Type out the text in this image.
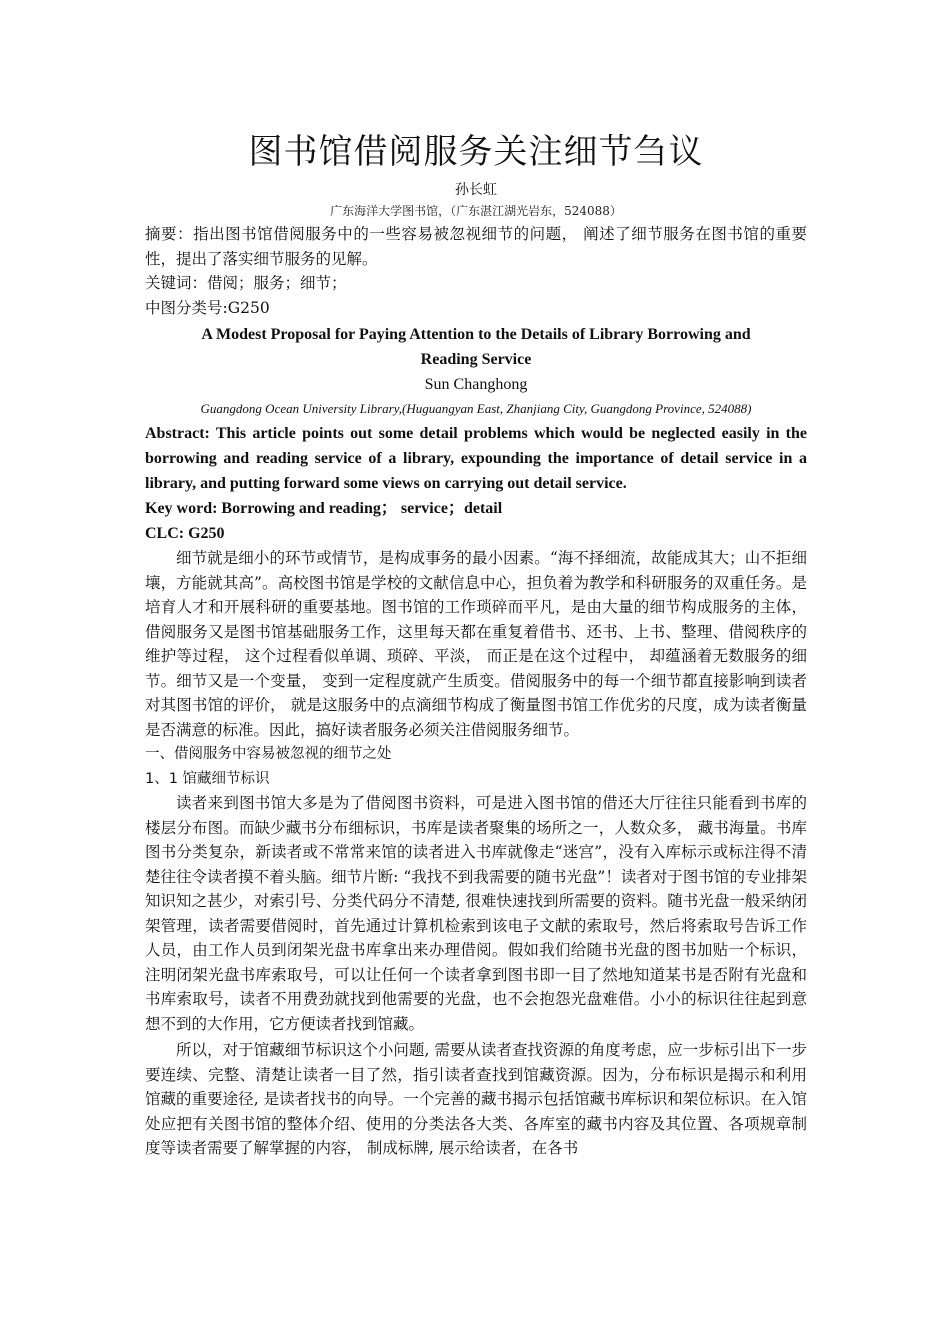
图书馆借阅服务关注细节刍议

孙长虹

广东海洋大学图书馆，（广东湛江湖光岩东，524088）

摘要：指出图书馆借阅服务中的一些容易被忽视细节的问题， 阐述了细节服务在图书馆的重要性，提出了落实细节服务的见解。

关键词：借阅；服务；细节；

中图分类号:G250

A Modest Proposal for Paying Attention to the Details of Library Borrowing and

Reading Service

Sun Changhong

Guangdong Ocean University Library,(Huguangyan East, Zhanjiang City, Guangdong Province, 524088)

Abstract: This article points out some detail problems which would be neglected easily in the borrowing and reading service of a library, expounding the importance of detail service in a library, and putting forward some views on carrying out detail service.

Key word: Borrowing and reading； service；detail

CLC: G250

细节就是细小的环节或情节，是构成事务的最小因素。“海不择细流，故能成其大；山不拒细壤，方能就其高”。高校图书馆是学校的文献信息中心，担负着为教学和科研服务的双重任务。是培育人才和开展科研的重要基地。图书馆的工作琐碎而平凡，是由大量的细节构成服务的主体，借阅服务又是图书馆基础服务工作，这里每天都在重复着借书、还书、上书、整理、借阅秩序的维护等过程， 这个过程看似单调、琐碎、平淡， 而正是在这个过程中， 却蕴涵着无数服务的细节。细节又是一个变量， 变到一定程度就产生质变。借阅服务中的每一个细节都直接影响到读者对其图书馆的评价， 就是这服务中的点滴细节构成了衡量图书馆工作优劣的尺度，成为读者衡量是否满意的标准。因此，搞好读者服务必须关注借阅服务细节。

一、借阅服务中容易被忽视的细节之处

1、1 馆藏细节标识

读者来到图书馆大多是为了借阅图书资料，可是进入图书馆的借还大厅往往只能看到书库的楼层分布图。而缺少藏书分布细标识，书库是读者聚集的场所之一，人数众多， 藏书海量。书库图书分类复杂，新读者或不常常来馆的读者进入书库就像走“迷宫”，没有入库标示或标注得不清楚往往令读者摸不着头脑。细节片断: “我找不到我需要的随书光盘”！读者对于图书馆的专业排架知识知之甚少，对索引号、分类代码分不清楚, 很难快速找到所需要的资料。随书光盘一般采纳闭架管理，读者需要借阅时，首先通过计算机检索到该电子文献的索取号，然后将索取号告诉工作人员，由工作人员到闭架光盘书库拿出来办理借阅。假如我们给随书光盘的图书加贴一个标识，注明闭架光盘书库索取号，可以让任何一个读者拿到图书即一目了然地知道某书是否附有光盘和书库索取号，读者不用费劲就找到他需要的光盘，也不会抱怨光盘难借。小小的标识往往起到意想不到的大作用，它方便读者找到馆藏。

所以，对于馆藏细节标识这个小问题, 需要从读者查找资源的角度考虑，应一步标引出下一步要连续、完整、清楚让读者一目了然，指引读者查找到馆藏资源。因为，分布标识是揭示和利用馆藏的重要途径, 是读者找书的向导。一个完善的藏书揭示包括馆藏书库标识和架位标识。在入馆处应把有关图书馆的整体介绍、使用的分类法各大类、各库室的藏书内容及其位置、各项规章制度等读者需要了解掌握的内容， 制成标牌, 展示给读者，在各书
